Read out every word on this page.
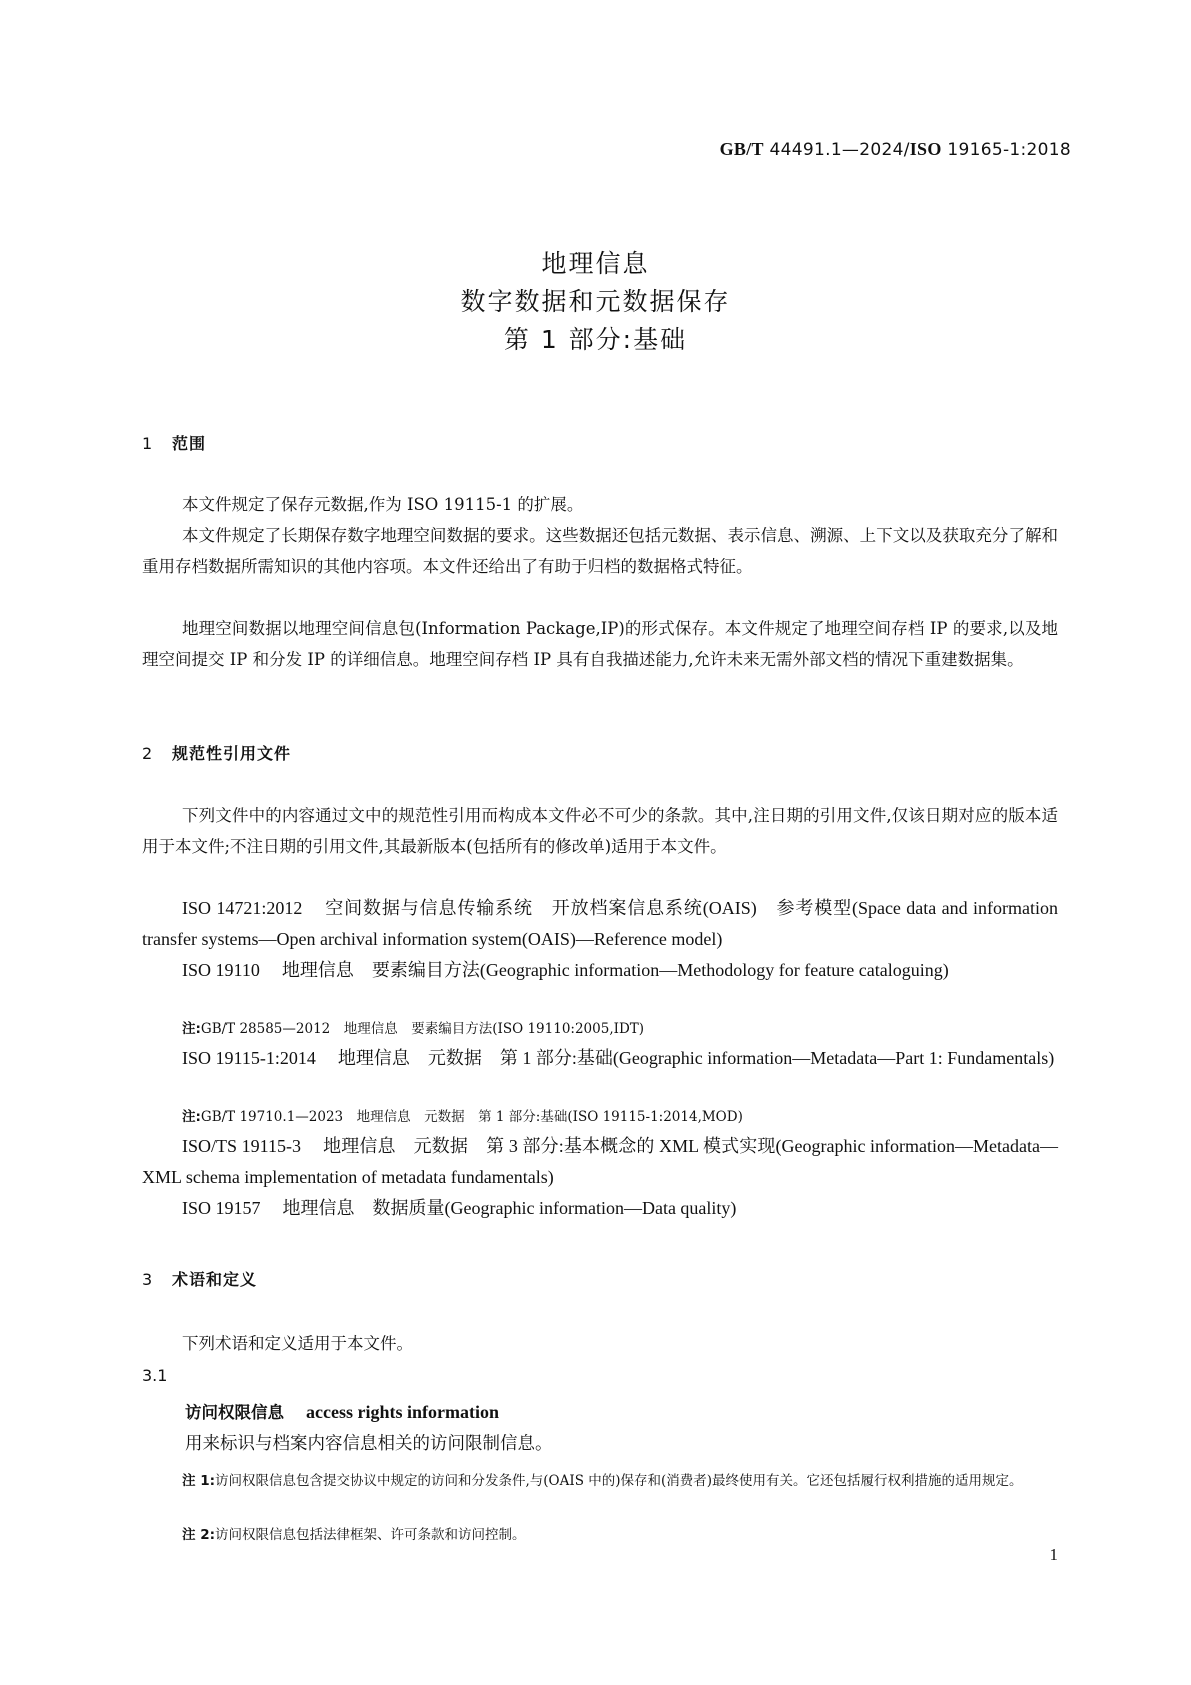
GB/T 44491.1—2024/ISO 19165-1:2018
地理信息
数字数据和元数据保存
第 1 部分:基础
1 范围
本文件规定了保存元数据,作为 ISO 19115-1 的扩展。
本文件规定了长期保存数字地理空间数据的要求。这些数据还包括元数据、表示信息、溯源、上下文以及获取充分了解和重用存档数据所需知识的其他内容项。本文件还给出了有助于归档的数据格式特征。
地理空间数据以地理空间信息包(Information Package,IP)的形式保存。本文件规定了地理空间存档 IP 的要求,以及地理空间提交 IP 和分发 IP 的详细信息。地理空间存档 IP 具有自我描述能力,允许未来无需外部文档的情况下重建数据集。
2 规范性引用文件
下列文件中的内容通过文中的规范性引用而构成本文件必不可少的条款。其中,注日期的引用文件,仅该日期对应的版本适用于本文件;不注日期的引用文件,其最新版本(包括所有的修改单)适用于本文件。
ISO 14721:2012 空间数据与信息传输系统　开放档案信息系统(OAIS)　参考模型(Space data and information transfer systems—Open archival information system(OAIS)—Reference model)
ISO 19110 地理信息　要素编目方法(Geographic information—Methodology for feature cataloguing)
注:GB/T 28585—2012　地理信息　要素编目方法(ISO 19110:2005,IDT)
ISO 19115-1:2014 地理信息　元数据　第 1 部分:基础(Geographic information—Metadata—Part 1: Fundamentals)
注:GB/T 19710.1—2023　地理信息　元数据　第 1 部分:基础(ISO 19115-1:2014,MOD)
ISO/TS 19115-3 地理信息　元数据　第 3 部分:基本概念的 XML 模式实现(Geographic information—Metadata—XML schema implementation of metadata fundamentals)
ISO 19157 地理信息　数据质量(Geographic information—Data quality)
3 术语和定义
下列术语和定义适用于本文件。
3.1
访问权限信息 access rights information
用来标识与档案内容信息相关的访问限制信息。
注 1:访问权限信息包含提交协议中规定的访问和分发条件,与(OAIS 中的)保存和(消费者)最终使用有关。它还包括履行权利措施的适用规定。
注 2:访问权限信息包括法律框架、许可条款和访问控制。
1
